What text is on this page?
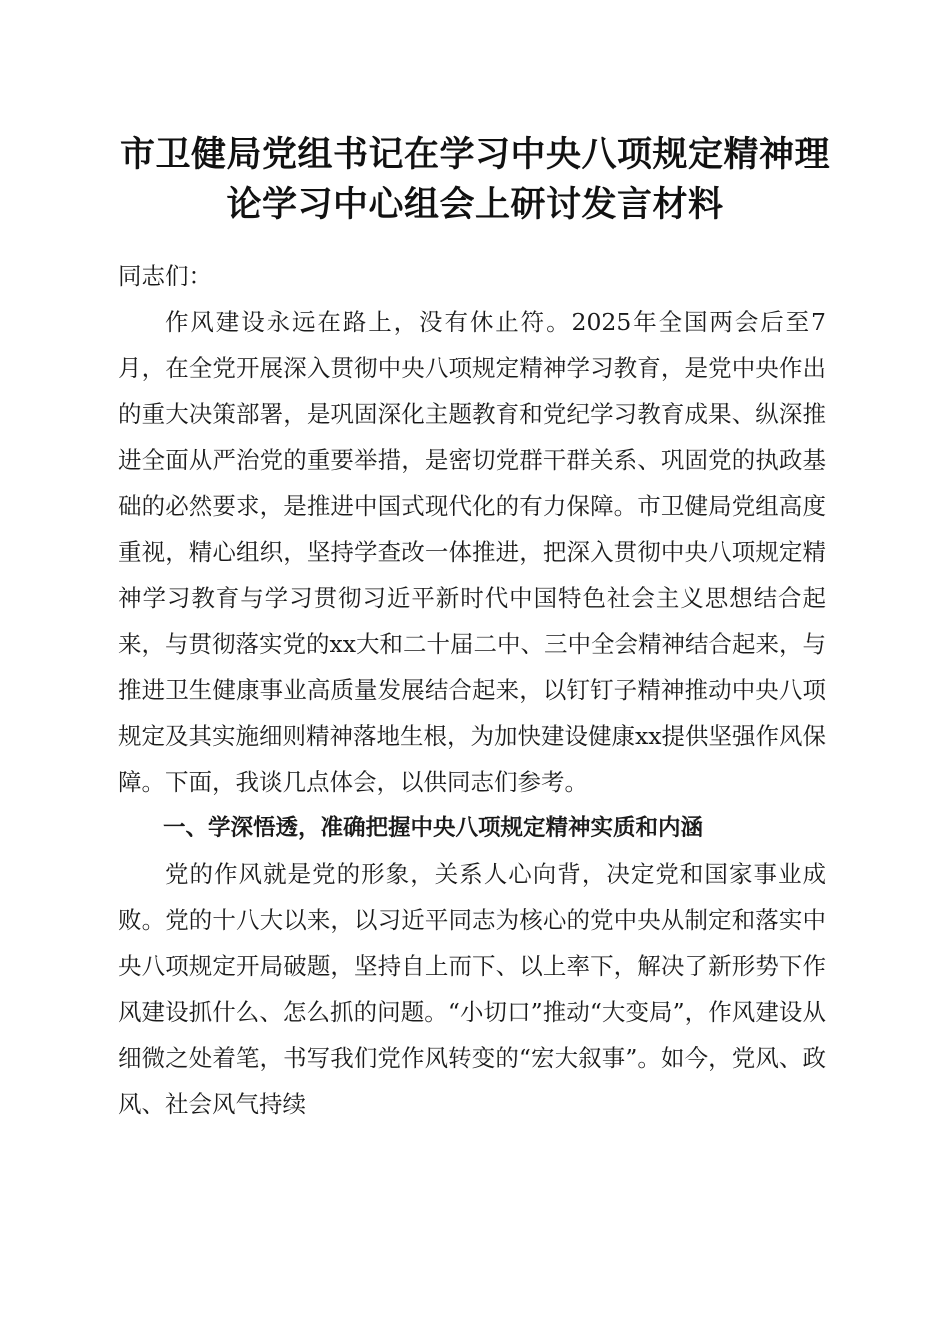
市卫健局党组书记在学习中央八项规定精神理
论学习中心组会上研讨发言材料

同志们：

作风建设永远在路上，没有休止符。2025年全国两会后至7月，在全党开展深入贯彻中央八项规定精神学习教育，是党中央作出的重大决策部署，是巩固深化主题教育和党纪学习教育成果、纵深推进全面从严治党的重要举措，是密切党群干群关系、巩固党的执政基础的必然要求，是推进中国式现代化的有力保障。市卫健局党组高度重视，精心组织，坚持学查改一体推进，把深入贯彻中央八项规定精神学习教育与学习贯彻习近平新时代中国特色社会主义思想结合起来，与贯彻落实党的xx大和二十届二中、三中全会精神结合起来，与推进卫生健康事业高质量发展结合起来，以钉钉子精神推动中央八项规定及其实施细则精神落地生根，为加快建设健康xx提供坚强作风保障。下面，我谈几点体会，以供同志们参考。

一、学深悟透，准确把握中央八项规定精神实质和内涵

党的作风就是党的形象，关系人心向背，决定党和国家事业成败。党的十八大以来，以习近平同志为核心的党中央从制定和落实中央八项规定开局破题，坚持自上而下、以上率下，解决了新形势下作风建设抓什么、怎么抓的问题。“小切口”推动“大变局”，作风建设从细微之处着笔，书写我们党作风转变的“宏大叙事”。如今，党风、政风、社会风气持续
